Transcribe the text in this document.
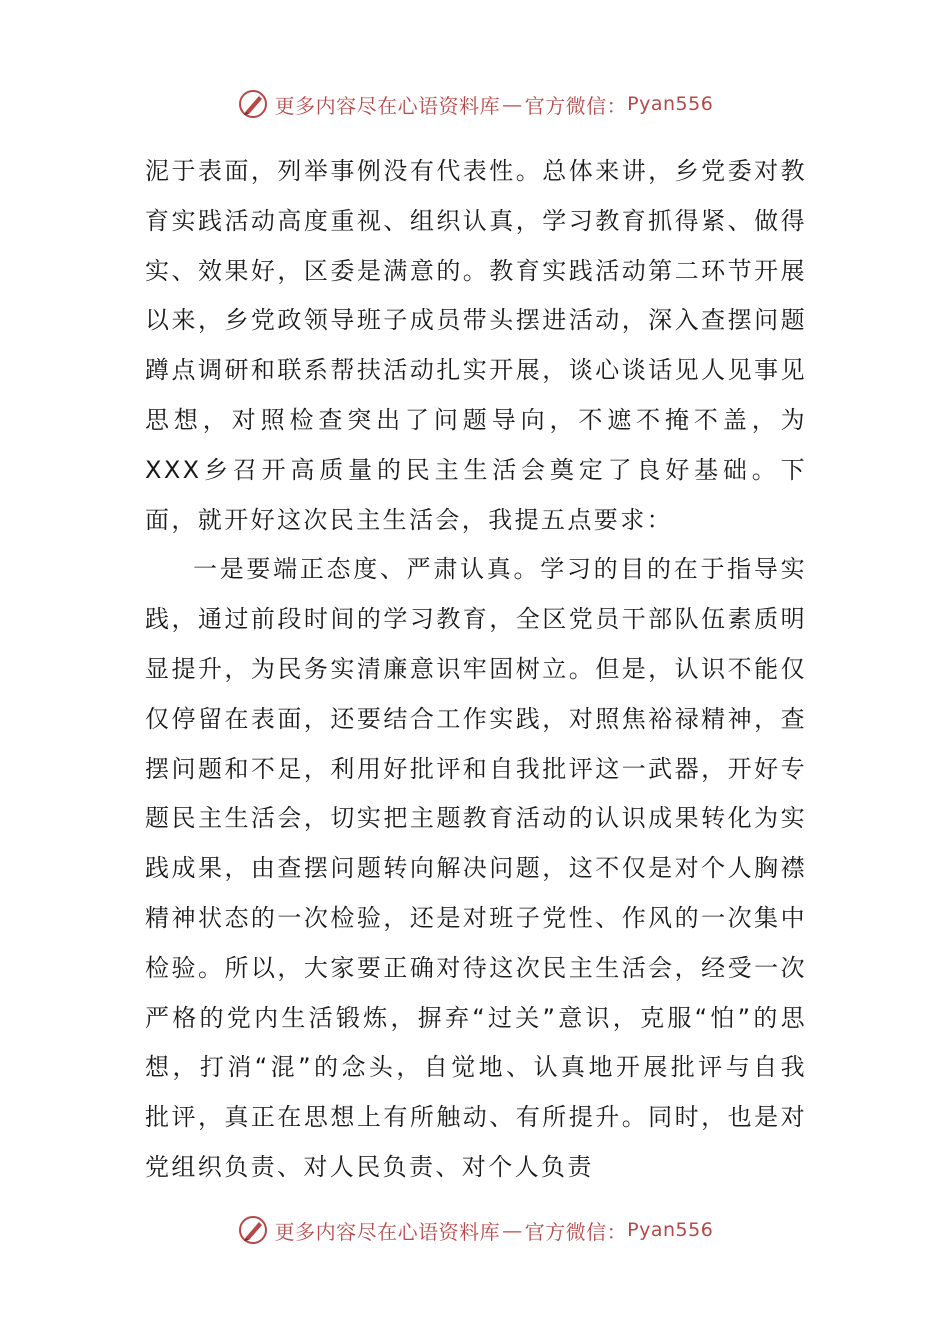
更多内容尽在心语资料库 — 官方微信： Pyan556

泥于表面，列举事例没有代表性。总体来讲，乡党委对教育实践活动高度重视、组织认真，学习教育抓得紧、做得实、效果好，区委是满意的。教育实践活动第二环节开展以来，乡党政领导班子成员带头摆进活动，深入查摆问题蹲点调研和联系帮扶活动扎实开展，谈心谈话见人见事见思想，对照检查突出了问题导向，不遮不掩不盖，为XXX乡召开高质量的民主生活会奠定了良好基础。下面，就开好这次民主生活会，我提五点要求：

一是要端正态度、严肃认真。学习的目的在于指导实践，通过前段时间的学习教育，全区党员干部队伍素质明显提升，为民务实清廉意识牢固树立。但是，认识不能仅仅停留在表面，还要结合工作实践，对照焦裕禄精神，查摆问题和不足，利用好批评和自我批评这一武器，开好专题民主生活会，切实把主题教育活动的认识成果转化为实践成果，由查摆问题转向解决问题，这不仅是对个人胸襟精神状态的一次检验，还是对班子党性、作风的一次集中检验。所以，大家要正确对待这次民主生活会，经受一次严格的党内生活锻炼，摒弃“过关”意识，克服“怕”的思想，打消“混”的念头，自觉地、认真地开展批评与自我批评，真正在思想上有所触动、有所提升。同时，也是对党组织负责、对人民负责、对个人负责

更多内容尽在心语资料库 — 官方微信： Pyan556
